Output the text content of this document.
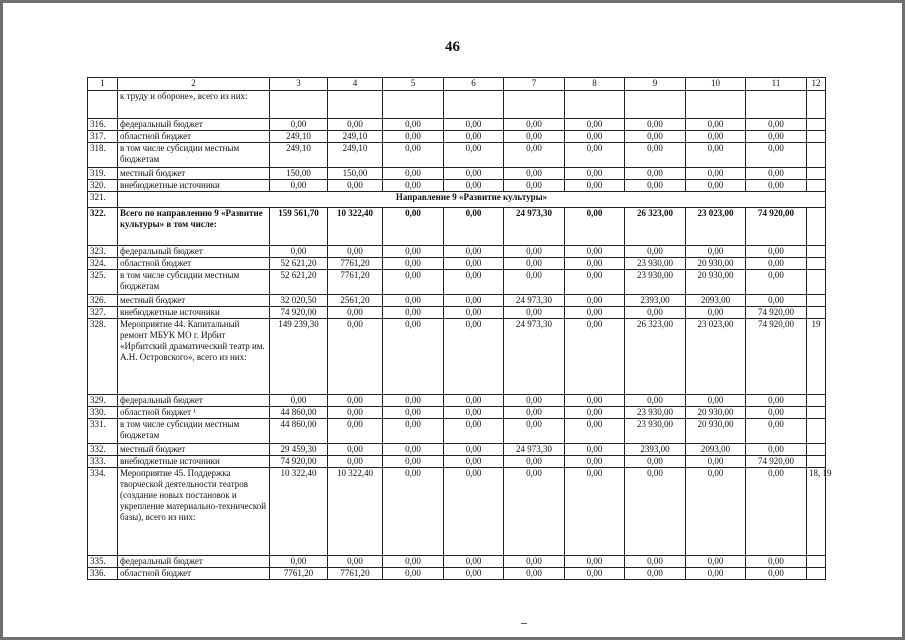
46
1	2	3	4	5	6	7	8	9	10	11	12
	к труду и обороне», всего из них:										
316.	федеральный бюджет	0,00	0,00	0,00	0,00	0,00	0,00	0,00	0,00	0,00	
317.	областной бюджет	249,10	249,10	0,00	0,00	0,00	0,00	0,00	0,00	0,00	
318.	в том числе субсидии местным бюджетам	249,10	249,10	0,00	0,00	0,00	0,00	0,00	0,00	0,00	
319.	местный бюджет	150,00	150,00	0,00	0,00	0,00	0,00	0,00	0,00	0,00	
320.	внебюджетные источники	0,00	0,00	0,00	0,00	0,00	0,00	0,00	0,00	0,00	
321.	Направление 9 «Развитие культуры»										
322.	Всего по направлению 9 «Развитие культуры» в том числе:	159 561,70	10 322,40	0,00	0,00	24 973,30	0,00	26 323,00	23 023,00	74 920,00	
323.	федеральный бюджет	0,00	0,00	0,00	0,00	0,00	0,00	0,00	0,00	0,00	
324.	областной бюджет	52 621,20	7761,20	0,00	0,00	0,00	0,00	23 930,00	20 930,00	0,00	
325.	в том числе субсидии местным бюджетам	52 621,20	7761,20	0,00	0,00	0,00	0,00	23 930,00	20 930,00	0,00	
326.	местный бюджет	32 020,50	2561,20	0,00	0,00	24 973,30	0,00	2393,00	2093,00	0,00	
327.	внебюджетные источники	74 920,00	0,00	0,00	0,00	0,00	0,00	0,00	0,00	74 920,00	
328.	Мероприятие 44. Капитальный ремонт МБУК МО г. Ирбит «Ирбитский драматический театр им. А.Н. Островского», всего из них:	149 239,30	0,00	0,00	0,00	24 973,30	0,00	26 323,00	23 023,00	74 920,00	19
329.	федеральный бюджет	0,00	0,00	0,00	0,00	0,00	0,00	0,00	0,00	0,00	
330.	областной бюджет ¹	44 860,00	0,00	0,00	0,00	0,00	0,00	23 930,00	20 930,00	0,00	
331.	в том числе субсидии местным бюджетам	44 860,00	0,00	0,00	0,00	0,00	0,00	23 930,00	20 930,00	0,00	
332.	местный бюджет	29 459,30	0,00	0,00	0,00	24 973,30	0,00	2393,00	2093,00	0,00	
333.	внебюджетные источники	74 920,00	0,00	0,00	0,00	0,00	0,00	0,00	0,00	74 920,00	
334.	Мероприятие 45. Поддержка творческой деятельности театров (создание новых постановок и укрепление материально-технической базы), всего из них:	10 322,40	10 322,40	0,00	0,00	0,00	0,00	0,00	0,00	0,00	18, 19
335.	федеральный бюджет	0,00	0,00	0,00	0,00	0,00	0,00	0,00	0,00	0,00	
336.	областной бюджет	7761,20	7761,20	0,00	0,00	0,00	0,00	0,00	0,00	0,00	
